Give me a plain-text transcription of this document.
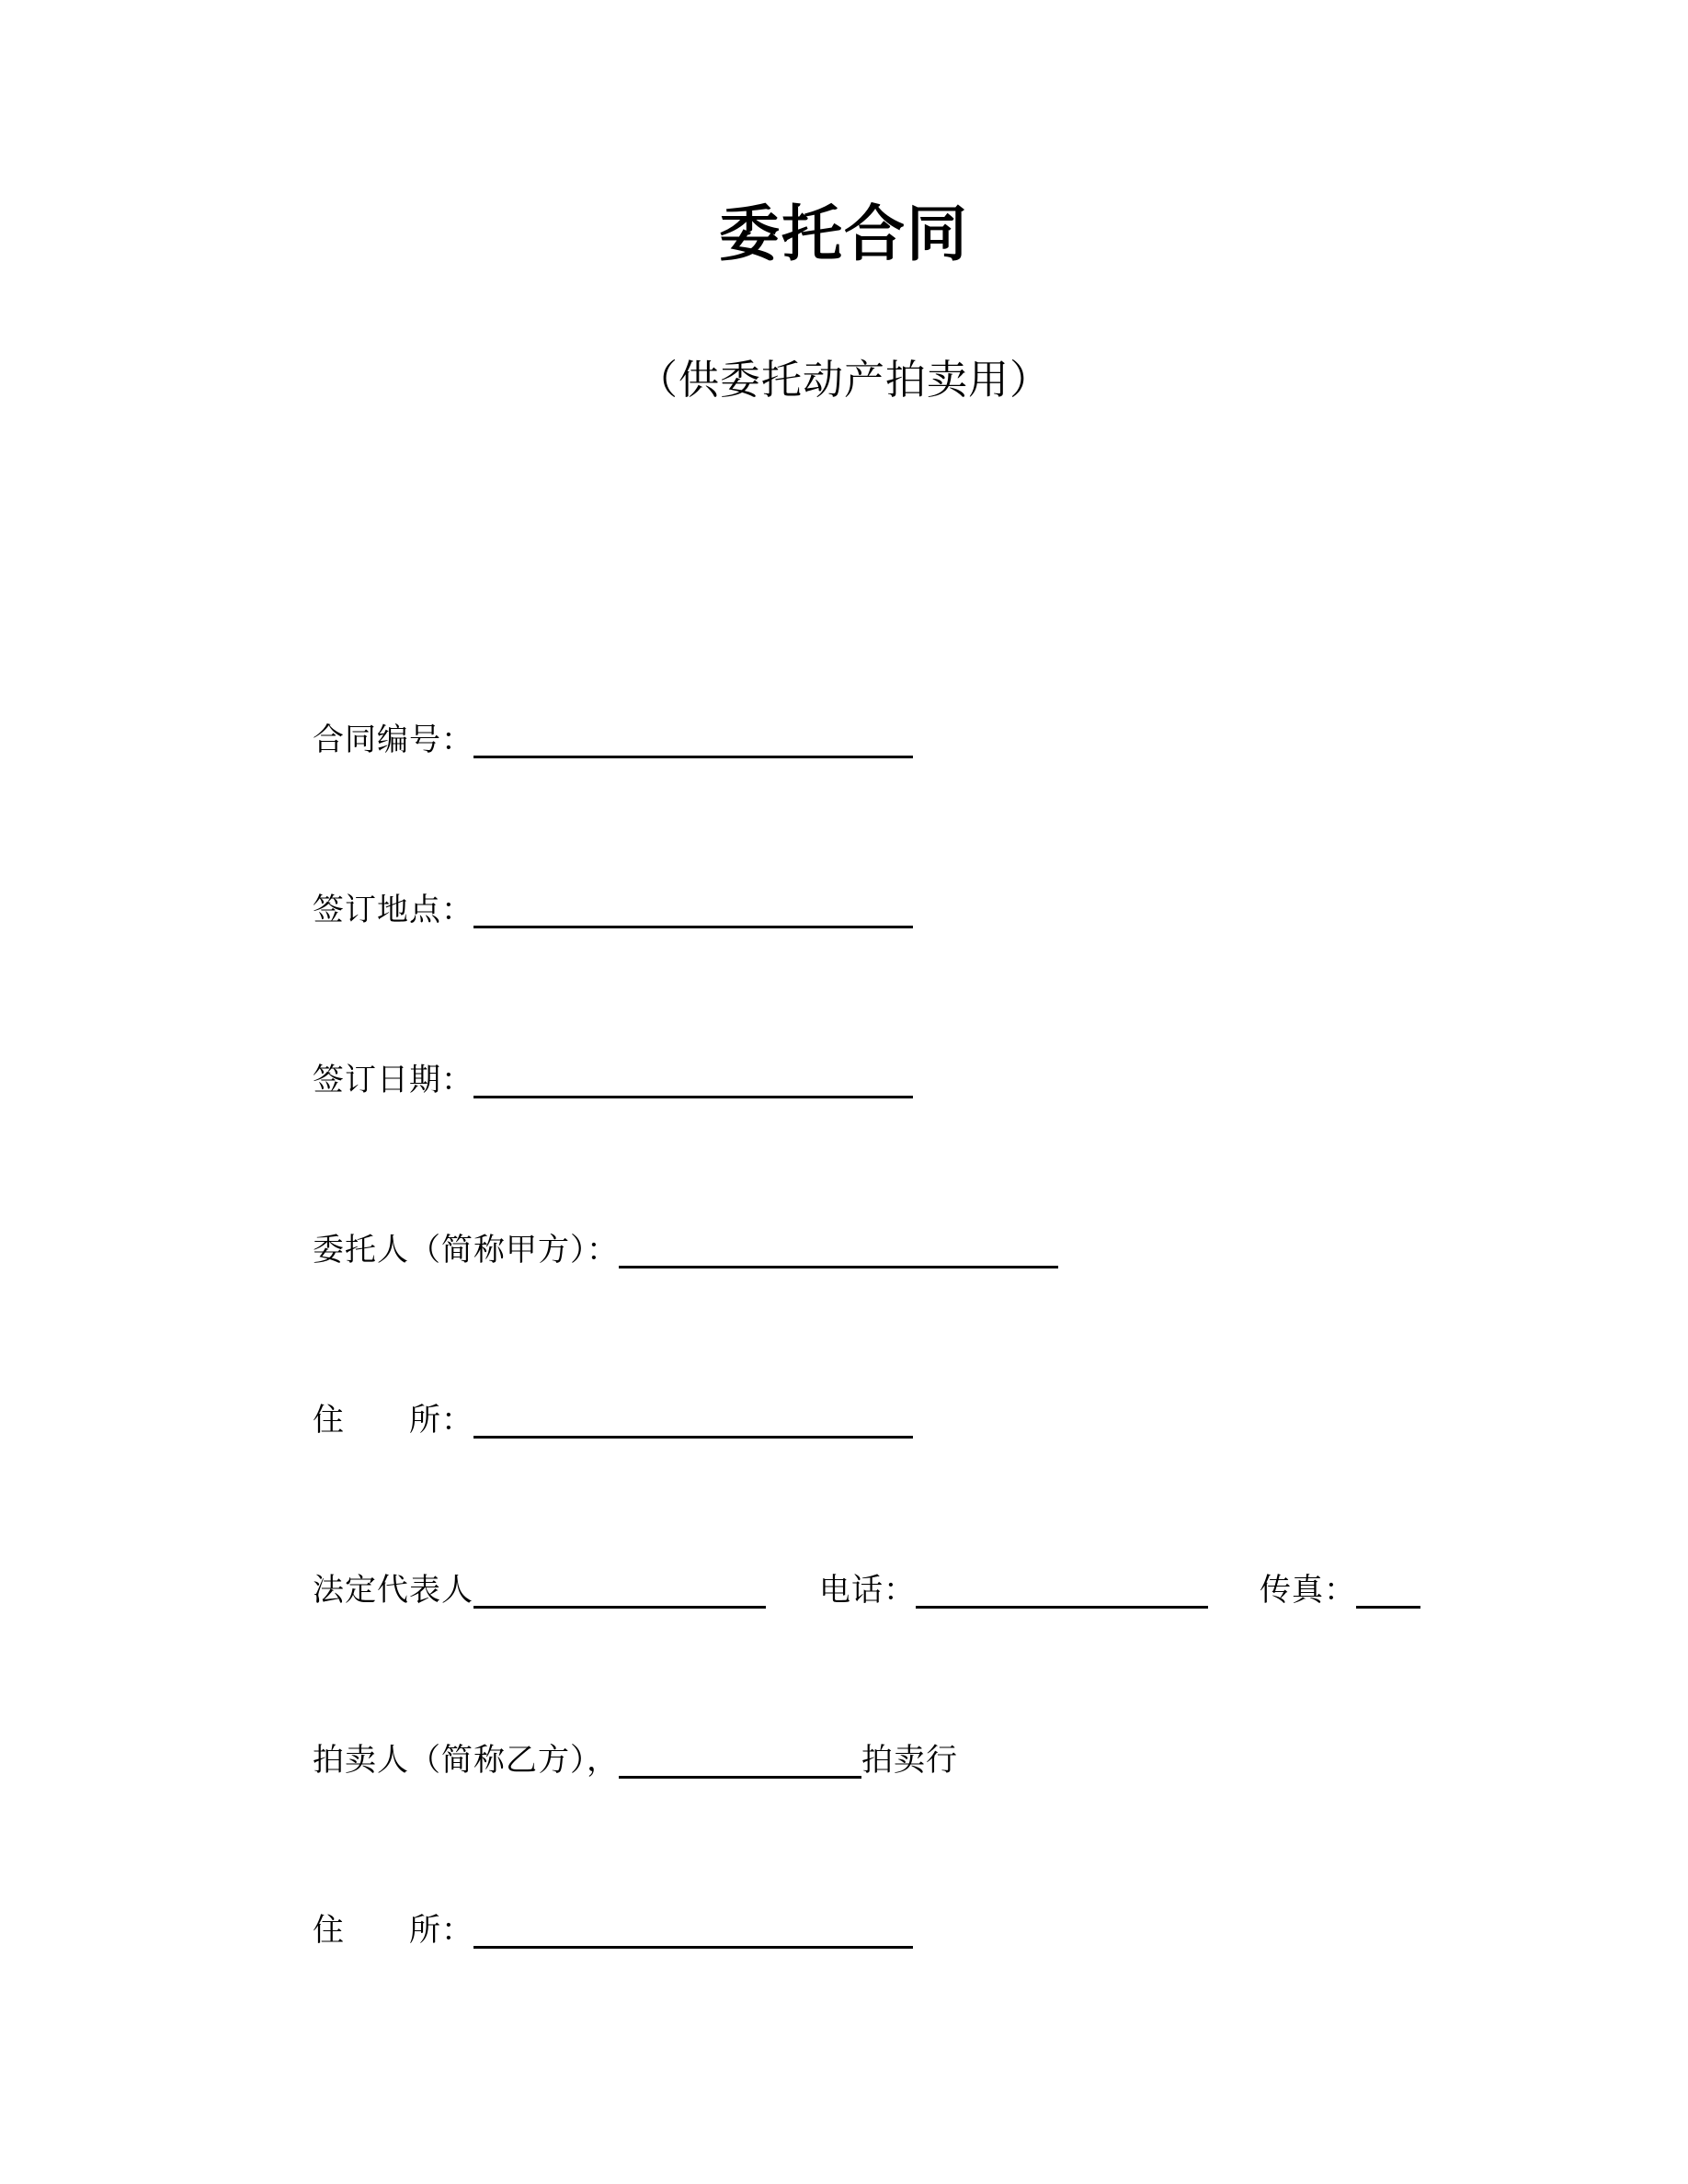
委托合同
（供委托动产拍卖用）
合同编号：
签订地点：
签订日期：
委托人（简称甲方）：
住　　所：
法定代表人	电话：	传真：
拍卖人（简称乙方），	拍卖行
住　　所：
